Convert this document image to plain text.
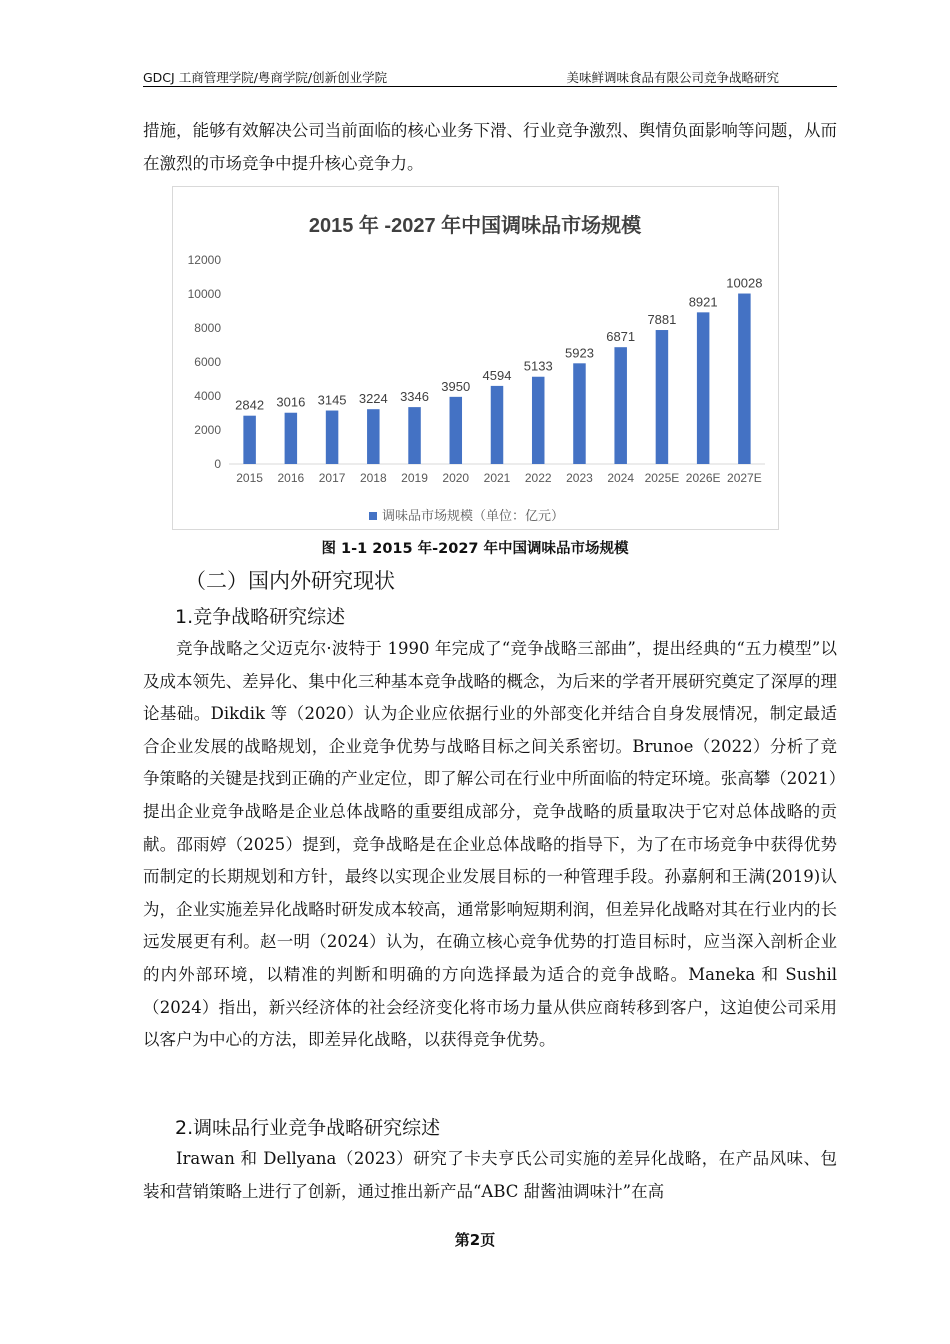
GDCJ 工商管理学院/粤商学院/创新创业学院	美味鲜调味食品有限公司竞争战略研究
措施，能够有效解决公司当前面临的核心业务下滑、行业竞争激烈、舆情负面影响等问题，从而在激烈的市场竞争中提升核心竞争力。
2015 年 -2027 年中国调味品市场规模
0
2000
4000
6000
8000
10000
12000
2842 3016 3145 3224 3346
3950
4594
5133
5923
6871
7881
8921
10028
2015 2016 2017 2018 2019 2020 2021 2022 2023 2024 2025E 2026E 2027E
调味品市场规模（单位：亿元）
图 1-1 2015 年-2027 年中国调味品市场规模
（二）国内外研究现状
1.竞争战略研究综述
竞争战略之父迈克尔·波特于 1990 年完成了“竞争战略三部曲”，提出经典的“五力模型”以及成本领先、差异化、集中化三种基本竞争战略的概念，为后来的学者开展研究奠定了深厚的理论基础。Dikdik 等（2020）认为企业应依据行业的外部变化并结合自身发展情况，制定最适合企业发展的战略规划，企业竞争优势与战略目标之间关系密切。Brunoe（2022）分析了竞争策略的关键是找到正确的产业定位，即了解公司在行业中所面临的特定环境。张高攀（2021）提出企业竞争战略是企业总体战略的重要组成部分，竞争战略的质量取决于它对总体战略的贡献。邵雨婷（2025）提到，竞争战略是在企业总体战略的指导下，为了在市场竞争中获得优势而制定的长期规划和方针，最终以实现企业发展目标的一种管理手段。孙嘉舸和王满(2019)认为，企业实施差异化战略时研发成本较高，通常影响短期利润，但差异化战略对其在行业内的长远发展更有利。赵一明（2024）认为，在确立核心竞争优势的打造目标时，应当深入剖析企业的内外部环境，以精准的判断和明确的方向选择最为适合的竞争战略。Maneka 和 Sushil（2024）指出，新兴经济体的社会经济变化将市场力量从供应商转移到客户，这迫使公司采用以客户为中心的方法，即差异化战略，以获得竞争优势。
2.调味品行业竞争战略研究综述
Irawan 和 Dellyana（2023）研究了卡夫亨氏公司实施的差异化战略，在产品风味、包装和营销策略上进行了创新，通过推出新产品“ABC 甜酱油调味汁”在高
第2页
